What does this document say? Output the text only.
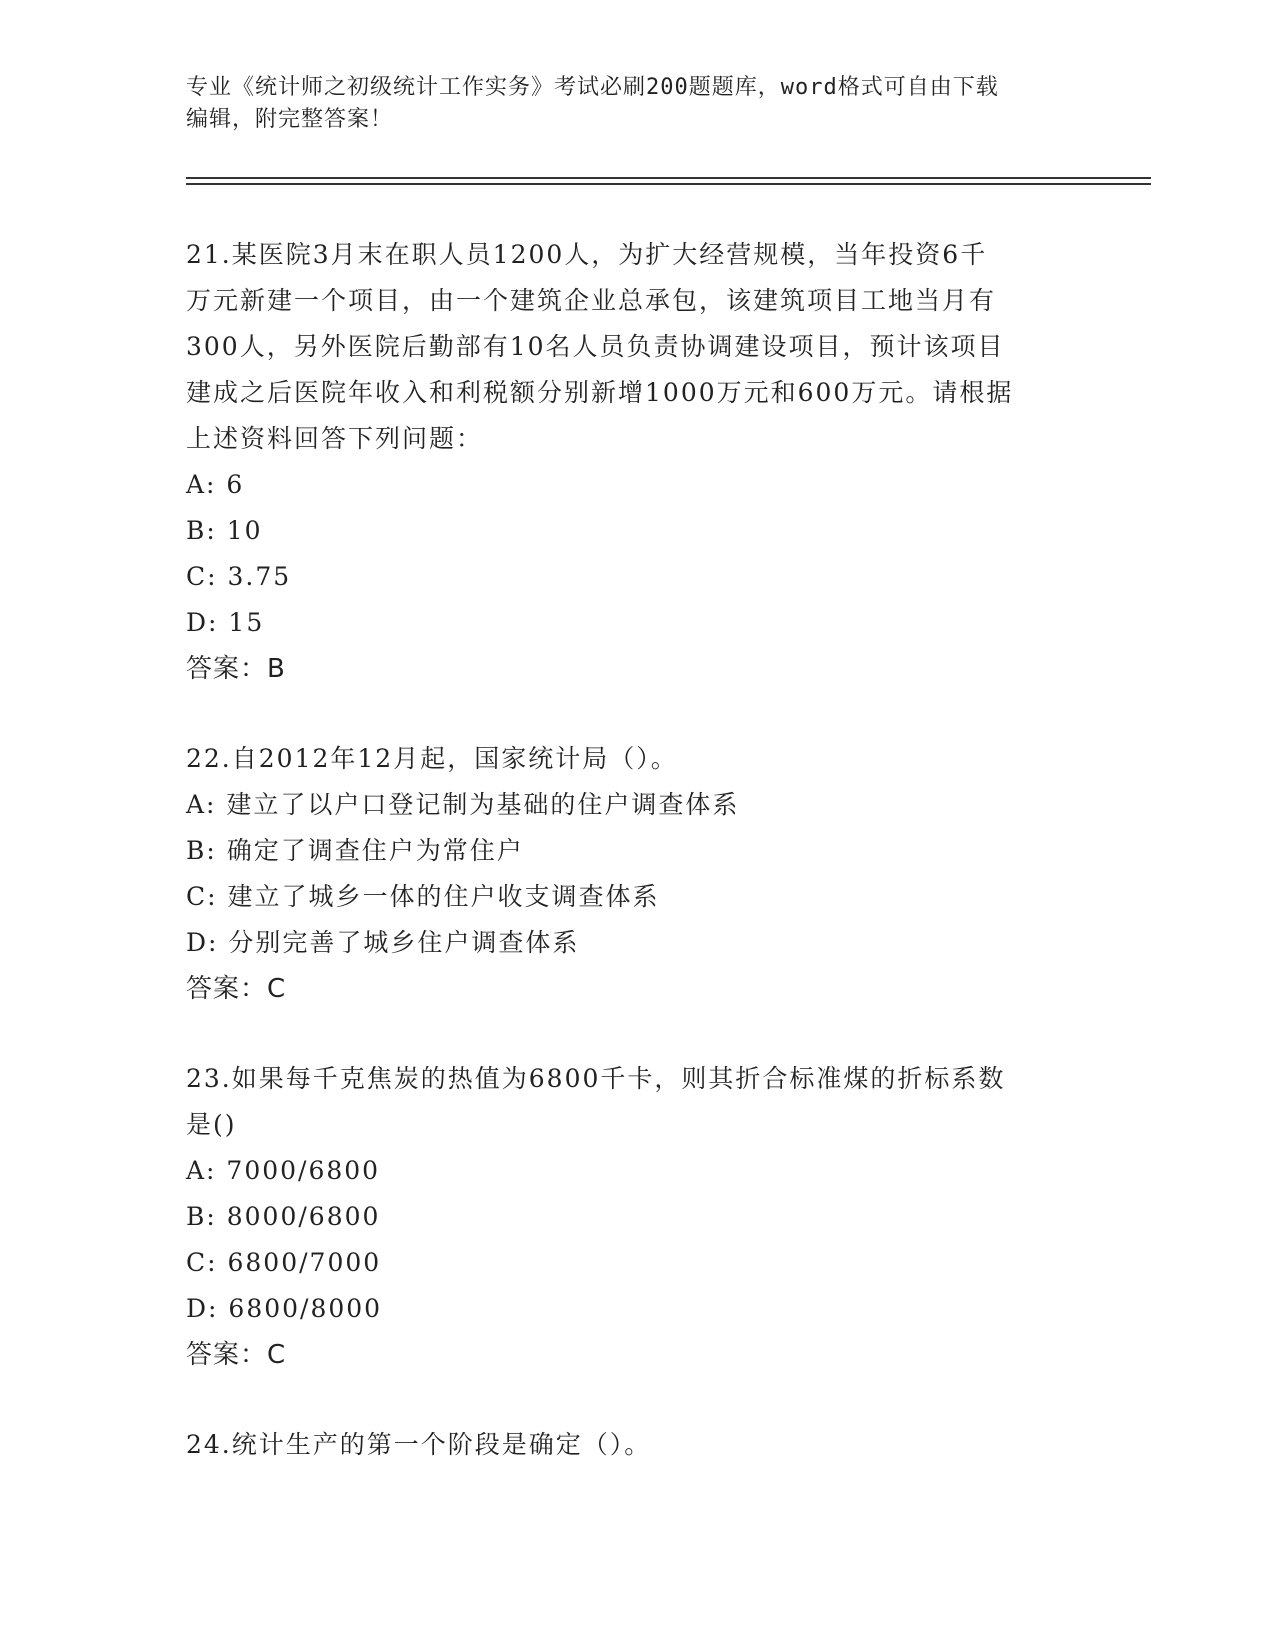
专业《统计师之初级统计工作实务》考试必刷200题题库，word格式可自由下载
编辑，附完整答案！

21.某医院3月末在职人员1200人，为扩大经营规模，当年投资6千

万元新建一个项目，由一个建筑企业总承包，该建筑项目工地当月有

300人，另外医院后勤部有10名人员负责协调建设项目，预计该项目

建成之后医院年收入和利税额分别新增1000万元和600万元。请根据

上述资料回答下列问题：

A: 6

B: 10

C: 3.75

D: 15

答案：B

22.自2012年12月起，国家统计局（）。

A: 建立了以户口登记制为基础的住户调查体系

B: 确定了调查住户为常住户

C: 建立了城乡一体的住户收支调查体系

D: 分别完善了城乡住户调查体系

答案：C

23.如果每千克焦炭的热值为6800千卡，则其折合标准煤的折标系数

是()

A: 7000/6800

B: 8000/6800

C: 6800/7000

D: 6800/8000

答案：C

24.统计生产的第一个阶段是确定（）。
